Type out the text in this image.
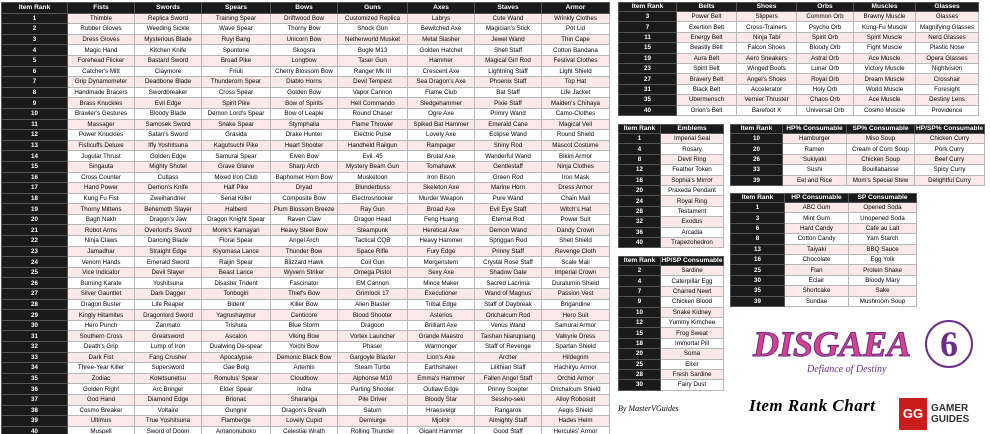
Item Rank	Fists	Swords	Spears	Bows	Guns	Axes	Staves	Armor
1	Thimble	Replica Sword	Training Spear	Driftwood Bow	Customized Replica	Labrys	Cute Wand	Wrinkly Clothes
2	Rubber Gloves	Weeding Sickle	Wave Spear	Thorny Bow	Shock Gun	Bewitched Axe	Magician's Stick	Pot Lid
3	Dress Gloves	Mysterious Blade	Ruyi Bang	Unicorn Bow	Netherworld Musket	Metal Slasher	Jewel Wand	Thin Cape
4	Magic Hand	Kitchen Knife	Spuntone	Skogsra	Bugle M13	Golden Hatchet	Shell Staff	Cotton Bandana
5	Forehead Flicker	Bastard Sword	Broad Pike	Longbow	Taser Gun	Hammer	Magical Girl Rod	Festival Clothes
6	Catcher's Mitt	Claymore	Friuli	Cherry Blossom Bow	Ranger Mk III	Crescent Axe	Lightning Staff	Light Shield
7	Grip Dynamometer	Deadbone Blade	Thunderorn Spear	Diablo Horns	Devil Tempest	Sea Dragon's Axe	Phoenix Staff	Top Hat
8	Handmade Bracers	Swordbreaker	Cross Spear	Golden Bow	Vapor Cannon	Flame Club	Bat Staff	Life Jacket
9	Brass Knuckles	Evil Edge	Spirit Pike	Bow of Spirits	Hell Commando	Sledgehammer	Pixie Staff	Maiden's Chihaya
10	Brawler's Gestures	Bloody Blade	Demon Lord's Spear	Bow of Leaple	Round Chaser	Ogre Axe	Primry Wand	Camo-Clothes
11	Massager	Samosek Sword	Snake Spear	Stymphalia	Flame Thrower	Spiked Bat Hammer	Emerald Cane	Magical Veil
12	Power Knuckles	Satan's Sword	Grasida	Drake Hunter	Electric Pulse	Lovely Axe	Eclipse Wand	Round Shield
13	Fisticuffs Deluxe	Iffy Yoshitsuna	Kagutsuchi Pike	Heart Shooter	Handheld Railgun	Rampager	Shiny Rod	Mascot Costume
14	Jugular Thrust	Golden Edge	Samurai Spear	Elven Bow	Evil .45	Brutal Axe	Wanderful Wand	Bikini Armor
15	Singauta	Mighty Shotel	Grave Glaive	Sharp Arch	Mystery Beam Gun	Tomahawk	Gentlestaff	Ninja Clothes
16	Cross Counter	Cutlass	Mixed Iron Club	Baphomet Horn Bow	Musketoon	Iron Bison	Green Rod	Iron Mask
17	Hand Power	Demon's Knife	Half Pike	Dryad	Blunderbuss	Skeleton Axe	Marine Horn	Dress Armor
18	Kung Fu Fist	Zweihandner	Serial Killer	Composite Bow	Electrosnooker	Murder Weapon	Pure Wand	Chain Mail
19	Thorny Mittens	Behemoth Slayer	Halberd	Plum Blossom Breeze	Ray Gun	Broad Axe	Evil Eye Staff	Witch's Hat
20	Bagh Nakh	Dragon's Jaw	Dragon Knight Spear	Raven Claw	Dragon Head	Feng Huang	Eternal Rod	Power Suit
21	Robot Arms	Overlord's Sword	Monk's Kamayari	Heavy Steel Bow	Steampunk	Heretical Axe	Demon Wand	Dandy Crown
22	Ninja Claws	Dancing Blade	Floral Spear	Angel Arch	Tactical CQB	Heavy Hammer	Spriggan Rod	Shell Shield
23	Jamadhar	Straight Edge	Kiyomasa Lance	Thunder Bow	Space Rifle	Fury Edge	Prinny Staff	Revenge Cloth
24	Venom Hands	Emerald Sword	Raijin Spear	Blizzard Hawk	Coil Gun	Morgenstern	Crystal Rose Staff	Scale Mail
25	Vice Indicator	Devil Slayer	Beast Lance	Wyvern Striker	Omega Pistol	Sexy Axe	Shadow Gate	Imperial Crown
26	Burning Karate	Yoshitsuna	Disaster Trident	Fascinator	EM Cannon	Mince Maker	Sacred Lacrima	Duralumin Shield
27	Silver Gauntlet	Dark Dagger	Tonbogiri	Thief's Bow	Grimlock 17	Executioner	Wand of Magnus	Passion Vest
28	Dragon Buster	Life Reaper	Bident	Killer Bow	Alien Blaster	Tribal Edge	Staff of Daybreak	Brigandine
29	Kingly Hitamites	Dragonlord Sword	Yagrushaymur	Centicore	Blood Shooter	Asterios	Orichalcum Rod	Hero Suit
30	Hero Punch	Zanmato	Trishula	Blue Storm	Dragoon	Brilliant Axe	Venus Wand	Samurai Armor
31	Southern Cross	Greatsword	Ascalon	Viking Bow	Vortex Launcher	Grande Maestro	Taishan Nianqniang	Valkyrie Dress
32	Death's Grip	Lump of Iron	Dualwing De-spear	Yoichi Bow	Phaser	Warmonger	Staff of Revenge	Spartan Shield
33	Dark Fist	Fang Crusher	Apocalypse	Demonic Black Bow	Gargoyle Blaster	Lion's Axe	Archer	Hildegrim
34	Three-Year Killer	Supersword	Gae Bolg	Artemis	Steam Turbo	Earthshaker	Lilithian Staff	Hachiryu Armor
35	Zodiac	Kotetsunetsu	Romulus' Spear	Cloudbow	Alphonse M10	Emma's Hammer	Fallen Angel Staff	Orchid Armor
36	Golden Right	Arc Bringer	Elder Spear	Indra	Parting Shooter	Outlaw Edge	Prinny Scepter	Orichalcum Shield
37	God Hand	Diamond Edge	Brionac	Sharanga	Pile Driver	Bloody Star	Sessho-seki	Alloy Robosuit
38	Cosmo Breaker	Voltaire	Gungnir	Dragon's Breath	Saturn	Hraesvelgr	Rangarok	Aegis Shield
39	Ultimus	True Yoshitsuna	Flamberge	Lovely Cupid	Demiurge	Mjolnir	Almighty Staff	Hades Helm
40	Muspell	Sword of Doom	Amanonuboko	Celestial Wrath	Rolling Thunder	Gigant Hammer	Good Staff	Hercules' Armor
Item Rank	Belts	Shoes	Orbs	Muscles	Glasses
3	Power Belt	Slippers	Common Orb	Brawny Muscle	Glasses
7	Exertion Belt	Cross-Trainers	Psycho Orb	Kung-Fu Muscle	Magnifying Glasses
11	Energy Belt	Ninja Tabi	Spirit Orb	Spirit Muscle	Nerd Glasses
15	Beastly Belt	Falcon Shoes	Bloody Orb	Fight Muscle	Plastic Nose
19	Aura Belt	Aero Sneakers	Astral Orb	Ace Muscle	Opera Glasses
23	Spirit Belt	Winged Boots	Lunar Orb	Victory Muscle	Nightvision
27	Bravery Belt	Angel's Shoes	Royal Orb	Dream Muscle	Crosshair
31	Black Belt	Accelerator	Holy Orb	World Muscle	Foresight
35	Ubermensch	Vernier Thruster	Chaos Orb	Ace Muscle	Destiny Lens
40	Orion's Belt	Barefoot X	Universal Orb	Cosmo Muscle	Providence
Item Rank	Emblems
1	Imperial Seal
4	Rosary
8	Devil Ring
12	Feather Token
16	Sophia's Mirror
20	Praxeda Pendant
24	Royal Ring
28	Testament
32	Exodus
36	Arcadia
40	Trapezohedron
Item Rank	HP/SP Consumable
2	Sardine
4	Caterpillar Egg
7	Charred Newt
9	Chicken Blood
10	Snake Kidney
12	Yummy Kimchee
15	Frog Sweat
18	Immortal Pill
20	Soma
25	Elixir
28	Fresh Sardine
30	Fairy Dust
Item Rank	HP% Consumable	SP% Consumable	HP/SP% Consumable
10	Hamburger	Miso Soup	Chicken Curry
20	Ramen	Cream of Corn Soup	Pork Curry
26	Sukiyaki	Chicken Soup	Beef Curry
33	Sushi	Bouillabaisse	Spicy Curry
39	Eel and Rice	Mom's Special Stew	Delightful Curry
Item Rank	HP Consumable	SP Consumable
1	ABC Gum	Opened Soda
3	Mint Gum	Unopened Soda
6	Hard Candy	Cafe au Lait
8	Cotton Candy	Yam Starch
13	Taiyaki	BBQ Sauce
16	Chocolate	Egg Yolk
25	Flan	Protein Shake
30	Eclair	Bloody Mary
35	Shortcake	Sake
39	Sundae	Mushroom Soup
6
DISGAEA
Defiance of Destiny
By MasterVGuides	Item Rank Chart GG GAMER
GUIDES
